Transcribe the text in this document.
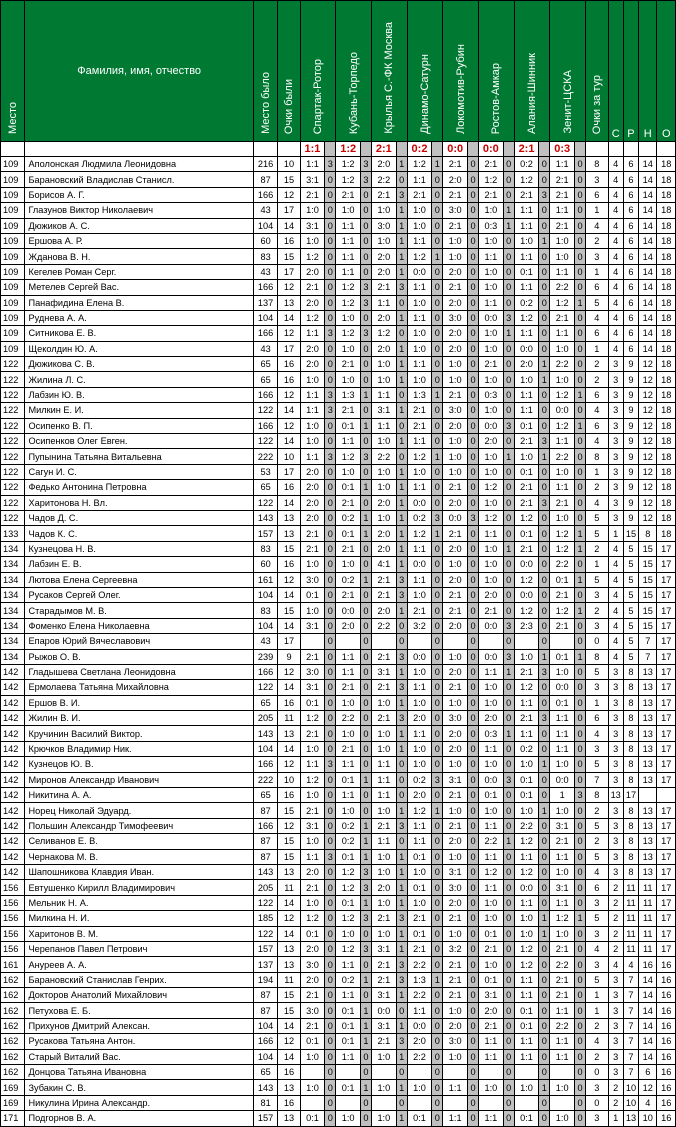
Место	Фамилия, имя, отчество	Место было	Очки были	Спартак-Ротор		Кубань-Торпедо		Крылья С.-ФК Москва		Динамо-Сатурн		Локомотив-Рубин		Ростов-Амкар		Алания-Шинник		Зенит-ЦСКА		Очки за тур	С	Р	Н	О
				1:1		1:2		2:1		0:2		0:0		0:0		2:1		0:3						
109	Аполонская Людмила Леонидовна	216	10	1:1	3	1:2	3	2:0	1	1:2	1	2:1	0	2:1	0	0:2	0	1:1	0	8	4	6	14	18
109	Барановский Владислав Станисл.	87	15	3:1	0	1:2	3	2:2	0	1:1	0	2:0	0	1:2	0	1:2	0	2:1	0	3	4	6	14	18
109	Борисов А. Г.	166	12	2:1	0	2:1	0	2:1	3	2:1	0	2:1	0	2:1	0	2:1	3	2:1	0	6	4	6	14	18
109	Глазунов Виктор Николаевич	43	17	1:0	0	1:0	0	1:0	1	1:0	0	3:0	0	1:0	1	1:1	0	1:1	0	1	4	6	14	18
109	Дюжиков А. С.	104	14	3:1	0	1:1	0	3:0	1	1:0	0	2:1	0	0:3	1	1:1	0	2:1	0	4	4	6	14	18
109	Ершова А. Р.	60	16	1:0	0	1:1	0	1:0	1	1:1	0	1:0	0	1:0	0	1:0	1	1:0	0	2	4	6	14	18
109	Жданова В. Н.	83	15	1:2	0	1:1	0	2:0	1	1:2	1	1:0	0	1:1	0	1:1	0	1:0	0	3	4	6	14	18
109	Кегелев Роман Серг.	43	17	2:0	0	1:1	0	2:0	1	0:0	0	2:0	0	1:0	0	0:1	0	1:1	0	1	4	6	14	18
109	Метелев Сергей Вас.	166	12	2:1	0	1:2	3	2:1	3	1:1	0	2:1	0	1:0	0	1:1	0	2:2	0	6	4	6	14	18
109	Панафидина Елена В.	137	13	2:0	0	1:2	3	1:1	0	1:0	0	2:0	0	1:1	0	0:2	0	1:2	1	5	4	6	14	18
109	Руднева А. А.	104	14	1:2	0	1:0	0	2:0	1	1:1	0	3:0	0	0:0	3	1:2	0	2:1	0	4	4	6	14	18
109	Ситникова Е. В.	166	12	1:1	3	1:2	3	1:2	0	1:0	0	2:0	0	1:0	1	1:1	0	1:1	0	6	4	6	14	18
109	Щеколдин Ю. А.	43	17	2:0	0	1:0	0	2:0	1	1:0	0	2:0	0	1:0	0	0:0	0	1:0	0	1	4	6	14	18
122	Дюжикова С. В.	65	16	2:0	0	2:1	0	1:0	1	1:1	0	1:0	0	2:1	0	2:0	1	2:2	0	2	3	9	12	18
122	Жилина Л. С.	65	16	1:0	0	1:0	0	1:0	1	1:0	0	1:0	0	1:0	0	1:0	1	1:0	0	2	3	9	12	18
122	Лабзин Ю. В.	166	12	1:1	3	1:3	1	1:1	0	1:3	1	2:1	0	0:3	0	1:1	0	1:2	1	6	3	9	12	18
122	Милкин Е. И.	122	14	1:1	3	2:1	0	3:1	1	2:1	0	3:0	0	1:0	0	1:1	0	0:0	0	4	3	9	12	18
122	Осипенко В. П.	166	12	1:0	0	0:1	1	1:1	0	2:1	0	2:0	0	0:0	3	0:1	0	1:2	1	6	3	9	12	18
122	Осипенков Олег Евген.	122	14	1:0	0	1:1	0	1:0	1	1:1	0	1:0	0	2:0	0	2:1	3	1:1	0	4	3	9	12	18
122	Пупынина Татьяна Витальевна	222	10	1:1	3	1:2	3	2:2	0	1:2	1	1:0	0	1:0	1	1:0	1	2:2	0	8	3	9	12	18
122	Сагун И. С.	53	17	2:0	0	1:0	0	1:0	1	1:0	0	1:0	0	1:0	0	0:1	0	1:0	0	1	3	9	12	18
122	Федько Антонина Петровна	65	16	2:0	0	0:1	1	1:0	1	1:1	0	2:1	0	1:2	0	2:1	0	1:1	0	2	3	9	12	18
122	Харитонова Н. Вл.	122	14	2:0	0	2:1	0	2:0	1	0:0	0	2:0	0	1:0	0	2:1	3	2:1	0	4	3	9	12	18
122	Чадов Д. С.	143	13	2:0	0	0:2	1	1:0	1	0:2	3	0:0	3	1:2	0	1:2	0	1:0	0	5	3	9	12	18
133	Чадов К. С.	157	13	2:1	0	0:1	1	2:0	1	1:2	1	2:1	0	1:1	0	0:1	0	1:2	1	5	1	15	8	18
134	Кузнецова Н. В.	83	15	2:1	0	2:1	0	2:0	1	1:1	0	2:0	0	1:0	1	2:1	0	1:2	1	2	4	5	15	17
134	Лабзин Е. В.	60	16	1:0	0	1:0	0	4:1	1	0:0	0	1:0	0	1:0	0	0:0	0	2:2	0	1	4	5	15	17
134	Лютова Елена Сергеевна	161	12	3:0	0	0:2	1	2:1	3	1:1	0	2:0	0	1:0	0	1:2	0	0:1	1	5	4	5	15	17
134	Русаков Сергей Олег.	104	14	0:1	0	2:1	0	2:1	3	1:0	0	2:1	0	2:0	0	0:0	0	2:1	0	3	4	5	15	17
134	Старадымов М. В.	83	15	1:0	0	0:0	0	2:0	1	2:1	0	2:1	0	2:1	0	1:2	0	1:2	1	2	4	5	15	17
134	Фоменко Елена Николаевна	104	14	3:1	0	2:0	0	2:2	0	3:2	0	2:0	0	0:0	3	2:3	0	2:1	0	3	4	5	15	17
134	Епаров Юрий Вячеславович	43	17		0		0		0		0		0		0		0		0	0	4	5	7	17
134	Рыжов О. В.	239	9	2:1	0	1:1	0	2:1	3	0:0	0	1:0	0	0:0	3	1:0	1	0:1	1	8	4	5	7	17
142	Гладышева Светлана Леонидовна	166	12	3:0	0	1:1	0	3:1	1	1:0	0	2:0	0	1:1	1	2:1	3	1:0	0	5	3	8	13	17
142	Ермолаева Татьяна Михайловна	122	14	3:1	0	2:1	0	2:1	3	1:1	0	2:1	0	1:0	0	1:2	0	0:0	0	3	3	8	13	17
142	Ершов В. И.	65	16	0:1	0	1:0	0	1:0	1	1:0	0	1:0	0	1:0	0	1:1	0	0:1	0	1	3	8	13	17
142	Жилин В. И.	205	11	1:2	0	2:2	0	2:1	3	2:0	0	3:0	0	2:0	0	2:1	3	1:1	0	6	3	8	13	17
142	Кручинин Василий Виктор.	143	13	2:1	0	1:0	0	1:0	1	1:1	0	2:0	0	0:3	1	1:1	0	1:1	0	4	3	8	13	17
142	Крючков Владимир Ник.	104	14	1:0	0	2:1	0	1:0	1	1:0	0	2:0	0	1:1	0	0:2	0	1:1	0	3	3	8	13	17
142	Кузнецов Ю. В.	166	12	1:1	3	1:1	0	1:1	0	1:0	0	1:0	0	1:0	0	1:0	1	1:0	0	5	3	8	13	17
142	Миронов Александр Иванович	222	10	1:2	0	0:1	1	1:1	0	0:2	3	3:1	0	0:0	3	0:1	0	0:0	0	7	3	8	13	17
142	Никитина А. А.	65	16	1:0	0	1:1	0	1:1	0	2:0	0	2:1	0	0:1	0	0:1	0	1	3	8	13	17		
142	Норец Николай Эдуард.	87	15	2:1	0	1:0	0	1:0	1	1:2	1	1:0	0	1:0	0	1:0	1	1:0	0	2	3	8	13	17
142	Польшин Александр Тимофеевич	166	12	3:1	0	0:2	1	2:1	3	1:1	0	2:1	0	1:1	0	2:2	0	3:1	0	5	3	8	13	17
142	Селиванов Е. В.	87	15	1:0	0	0:2	1	1:1	0	1:1	0	2:0	0	2:2	1	1:2	0	2:1	0	2	3	8	13	17
142	Чернакова М. В.	87	15	1:1	3	0:1	1	1:0	1	0:1	0	1:0	0	1:1	0	1:1	0	1:1	0	5	3	8	13	17
142	Шапошникова Клавдия Иван.	143	13	2:0	0	1:2	3	1:0	1	1:0	0	3:1	0	1:2	0	1:2	0	1:0	0	4	3	8	13	17
156	Евтушенко Кирилл Владимирович	205	11	2:1	0	1:2	3	2:0	1	0:1	0	3:0	0	1:1	0	0:0	0	3:1	0	6	2	11	11	17
156	Мельник Н. А.	122	14	1:0	0	0:1	1	1:0	1	1:0	0	2:0	0	1:0	0	1:1	0	1:1	0	3	2	11	11	17
156	Милкина Н. И.	185	12	1:2	0	1:2	3	2:1	3	2:1	0	2:1	0	1:0	0	1:0	1	1:2	1	5	2	11	11	17
156	Харитонов В. М.	122	14	0:1	0	1:0	0	1:0	1	0:1	0	1:0	0	0:1	0	1:0	1	1:0	0	3	2	11	11	17
156	Черепанов Павел Петрович	157	13	2:0	0	1:2	3	3:1	1	2:1	0	3:2	0	2:1	0	1:2	0	2:1	0	4	2	11	11	17
161	Ануреев А. А.	137	13	3:0	0	1:1	0	2:1	3	2:2	0	2:1	0	1:0	0	1:2	0	2:2	0	3	4	4	16	16
162	Барановский Станислав Генрих.	194	11	2:0	0	0:2	1	2:1	3	1:3	1	2:1	0	0:1	0	1:1	0	2:1	0	5	3	7	14	16
162	Докторов Анатолий Михайлович	87	15	2:1	0	1:1	0	3:1	1	2:2	0	2:1	0	3:1	0	1:1	0	2:1	0	1	3	7	14	16
162	Петухова Е. Б.	87	15	3:0	0	0:1	1	0:0	0	1:1	0	1:0	0	2:0	0	0:1	0	1:1	0	1	3	7	14	16
162	Прихунов Дмитрий Алексан.	104	14	2:1	0	0:1	1	3:1	1	0:0	0	2:0	0	2:1	0	0:1	0	2:2	0	2	3	7	14	16
162	Русакова Татьяна Антон.	166	12	0:1	0	0:1	1	2:1	3	2:0	0	3:0	0	1:1	0	1:1	0	1:1	0	4	3	7	14	16
162	Старый Виталий Вас.	104	14	1:0	0	1:1	0	1:0	1	2:2	0	1:0	0	1:1	0	1:1	0	1:1	0	2	3	7	14	16
162	Донцова Татьяна Ивановна	65	16		0		0		0		0		0		0		0		0	0	3	7	6	16
169	Зубакин С. В.	143	13	1:0	0	0:1	1	1:0	1	1:0	0	1:1	0	1:0	0	1:0	1	1:0	0	3	2	10	12	16
169	Никулина Ирина Александр.	81	16		0		0		0		0		0		0		0		0	0	2	10	4	16
171	Подгорнов В. А.	157	13	0:1	0	1:0	0	1:0	1	0:1	0	1:1	0	1:1	0	0:1	0	1:0	0	3	1	13	10	16
